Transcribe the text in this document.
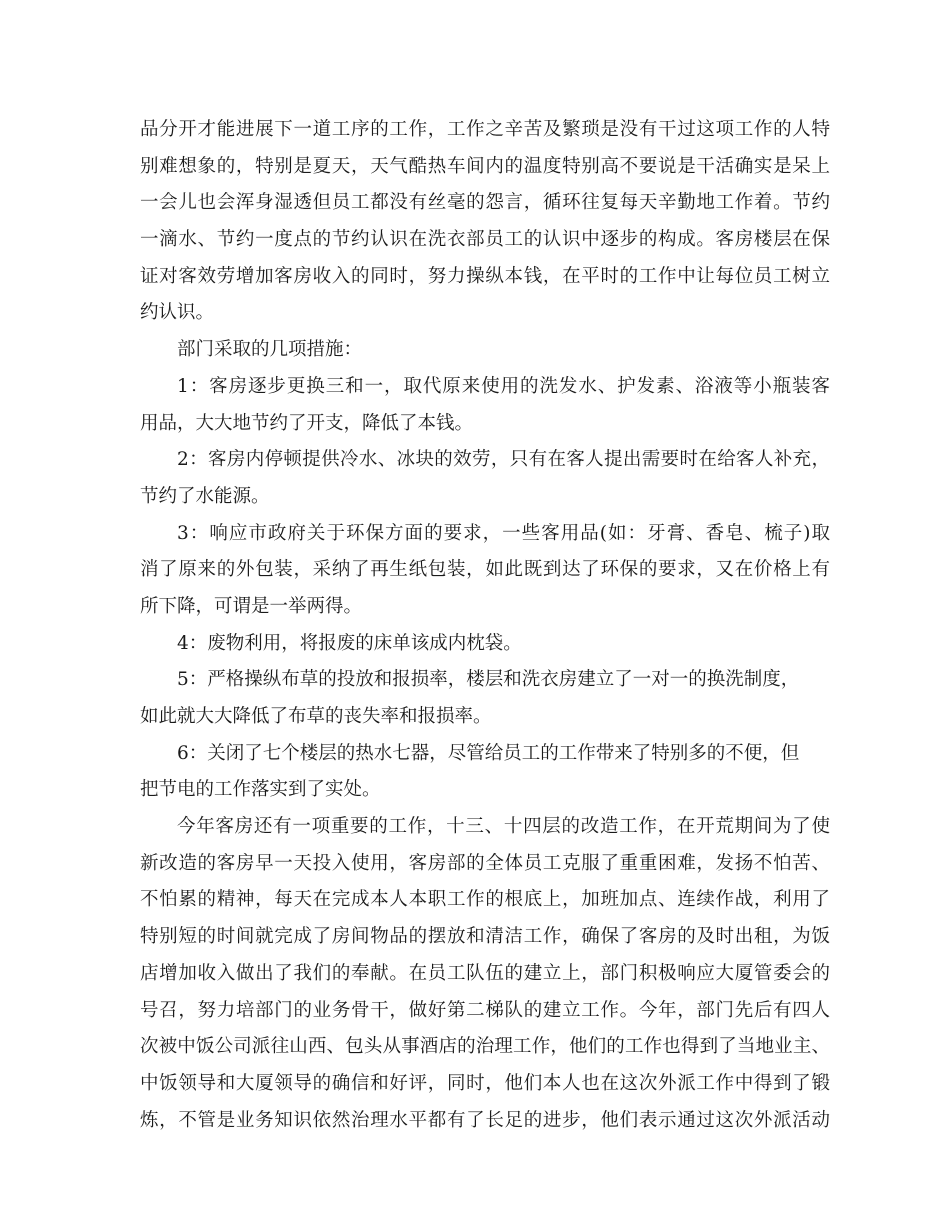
品分开才能进展下一道工序的工作，工作之辛苦及繁琐是没有干过这项工作的人特
别难想象的，特别是夏天，天气酷热车间内的温度特别高不要说是干活确实是呆上
一会儿也会浑身湿透但员工都没有丝毫的怨言，循环往复每天辛勤地工作着。节约
一滴水、节约一度点的节约认识在洗衣部员工的认识中逐步的构成。客房楼层在保
证对客效劳增加客房收入的同时，努力操纵本钱，在平时的工作中让每位员工树立
约认识。
部门采取的几项措施：
1：客房逐步更换三和一，取代原来使用的洗发水、护发素、浴液等小瓶装客
用品，大大地节约了开支，降低了本钱。
2：客房内停顿提供冷水、冰块的效劳，只有在客人提出需要时在给客人补充，
节约了水能源。
3：响应市政府关于环保方面的要求，一些客用品(如：牙膏、香皂、梳子)取
消了原来的外包装，采纳了再生纸包装，如此既到达了环保的要求，又在价格上有
所下降，可谓是一举两得。
4：废物利用，将报废的床单该成内枕袋。
5：严格操纵布草的投放和报损率，楼层和洗衣房建立了一对一的换洗制度，
如此就大大降低了布草的丧失率和报损率。
6：关闭了七个楼层的热水七器，尽管给员工的工作带来了特别多的不便，但
把节电的工作落实到了实处。
今年客房还有一项重要的工作，十三、十四层的改造工作，在开荒期间为了使
新改造的客房早一天投入使用，客房部的全体员工克服了重重困难，发扬不怕苦、
不怕累的精神，每天在完成本人本职工作的根底上，加班加点、连续作战，利用了
特别短的时间就完成了房间物品的摆放和清洁工作，确保了客房的及时出租，为饭
店增加收入做出了我们的奉献。在员工队伍的建立上，部门积极响应大厦管委会的
号召，努力培部门的业务骨干，做好第二梯队的建立工作。今年，部门先后有四人
次被中饭公司派往山西、包头从事酒店的治理工作，他们的工作也得到了当地业主、
中饭领导和大厦领导的确信和好评，同时，他们本人也在这次外派工作中得到了锻
炼，不管是业务知识依然治理水平都有了长足的进步，他们表示通过这次外派活动
